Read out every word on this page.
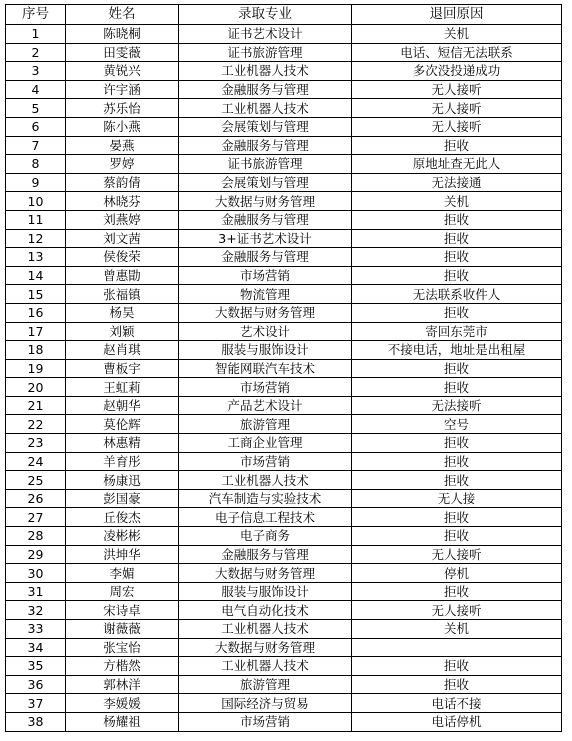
序号	姓名	录取专业	退回原因
1	陈晓桐	证书艺术设计	关机
2	田雯薇	证书旅游管理	电话、短信无法联系
3	黄锐兴	工业机器人技术	多次没投递成功
4	许宇涵	金融服务与管理	无人接听
5	苏乐怡	工业机器人技术	无人接听
6	陈小燕	会展策划与管理	无人接听
7	晏燕	金融服务与管理	拒收
8	罗婷	证书旅游管理	原地址查无此人
9	蔡韵倩	会展策划与管理	无法接通
10	林晓芬	大数据与财务管理	关机
11	刘燕婷	金融服务与管理	拒收
12	刘文茜	3+证书艺术设计	拒收
13	侯俊荣	金融服务与管理	拒收
14	曾惠勖	市场营销	拒收
15	张福镇	物流管理	无法联系收件人
16	杨昊	大数据与财务管理	拒收
17	刘颖	艺术设计	寄回东莞市
18	赵肖琪	服装与服饰设计	不接电话，地址是出租屋
19	曹板宇	智能网联汽车技术	拒收
20	王虹莉	市场营销	拒收
21	赵朝华	产品艺术设计	无法接听
22	莫伦辉	旅游管理	空号
23	林惠精	工商企业管理	拒收
24	羊育彤	市场营销	拒收
25	杨康迅	工业机器人技术	拒收
26	彭国豪	汽车制造与实验技术	无人接
27	丘俊杰	电子信息工程技术	拒收
28	凌彬彬	电子商务	拒收
29	洪坤华	金融服务与管理	无人接听
30	李媚	大数据与财务管理	停机
31	周宏	服装与服饰设计	拒收
32	宋诗卓	电气自动化技术	无人接听
33	谢薇薇	工业机器人技术	关机
34	张宝怡	大数据与财务管理	
35	方楷然	工业机器人技术	拒收
36	郭林洋	旅游管理	拒收
37	李媛媛	国际经济与贸易	电话不接
38	杨耀祖	市场营销	电话停机
